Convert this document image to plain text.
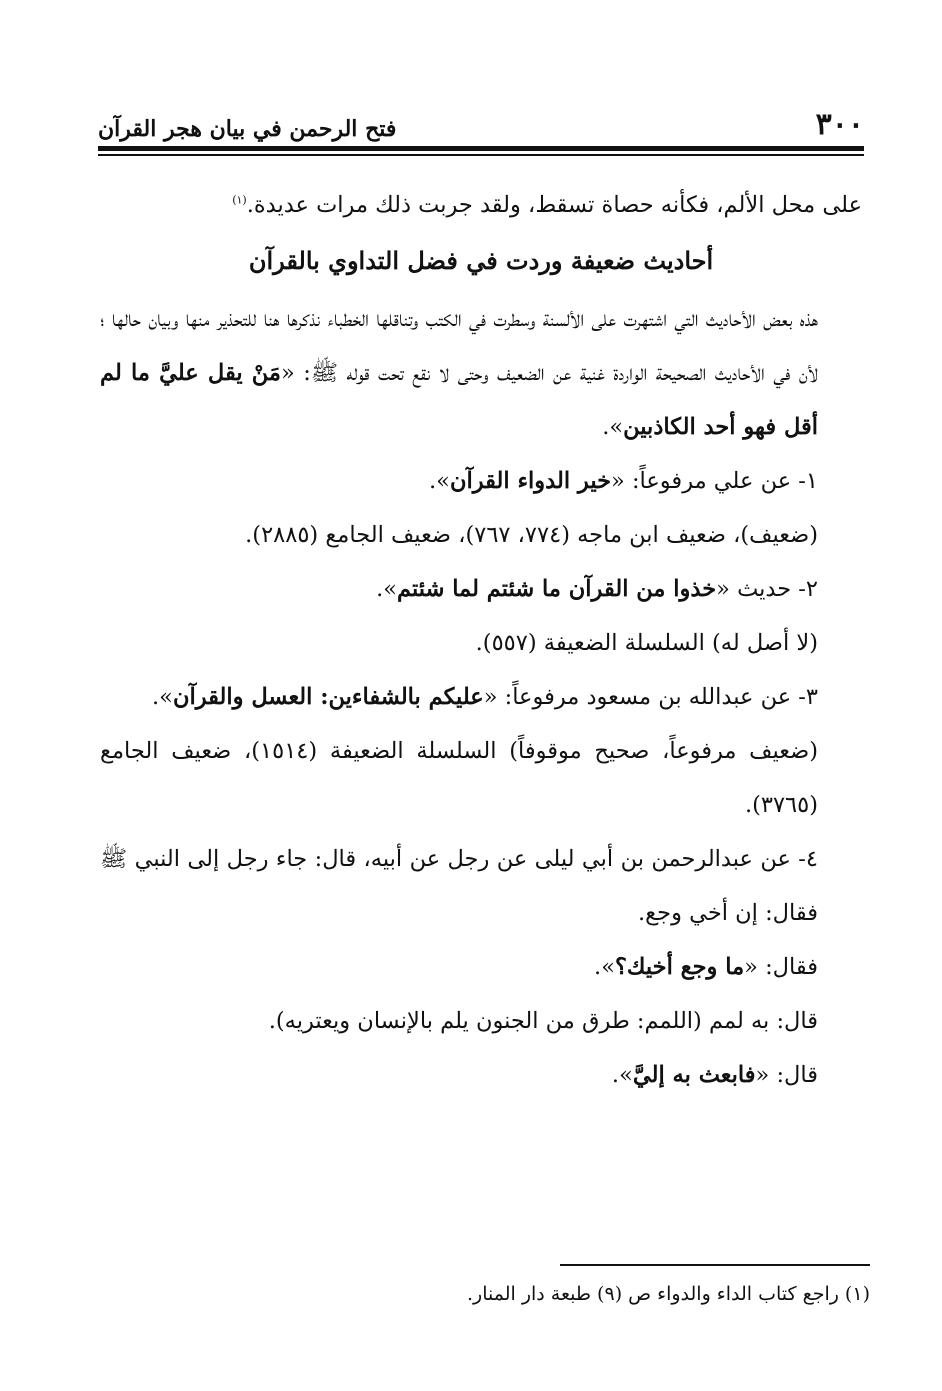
٣٠٠
فتح الرحمن في بيان هجر القرآن

على محل الألم، فكأنه حصاة تسقط، ولقد جربت ذلك مرات عديدة.$^{(١)}$

أحاديث ضعيفة وردت في فضل التداوي بالقرآن

هذه بعض الأحاديث التي اشتهرت على الألسنة وسطرت في الكتب وتناقلها الخطباء نذكرها هنا للتحذير منها وبيان حالها ؛ لأن في الأحاديث الصحيحة الواردة غنية عن الضعيف وحتى لا نقع تحت قوله ﷺ: «مَنْ يقل عليَّ ما لم أقل فهو أحد الكاذبين».

١- عن علي مرفوعاً: «خير الدواء القرآن».

(ضعيف)، ضعيف ابن ماجه (٧٧٤، ٧٦٧)، ضعيف الجامع (٢٨٨٥).

٢- حديث «خذوا من القرآن ما شئتم لما شئتم».

(لا أصل له) السلسلة الضعيفة (٥٥٧).

٣- عن عبدالله بن مسعود مرفوعاً: «عليكم بالشفاءين: العسل والقرآن».

(ضعيف مرفوعاً، صحيح موقوفاً) السلسلة الضعيفة (١٥١٤)، ضعيف الجامع (٣٧٦٥).

٤- عن عبدالرحمن بن أبي ليلى عن رجل عن أبيه، قال: جاء رجل إلى النبي ﷺ فقال: إن أخي وجع.

فقال: «ما وجع أخيك؟».

قال: به لمم (اللمم: طرق من الجنون يلم بالإنسان ويعتريه).

قال: «فابعث به إليَّ».

(١) راجع كتاب الداء والدواء ص (٩) طبعة دار المنار.
